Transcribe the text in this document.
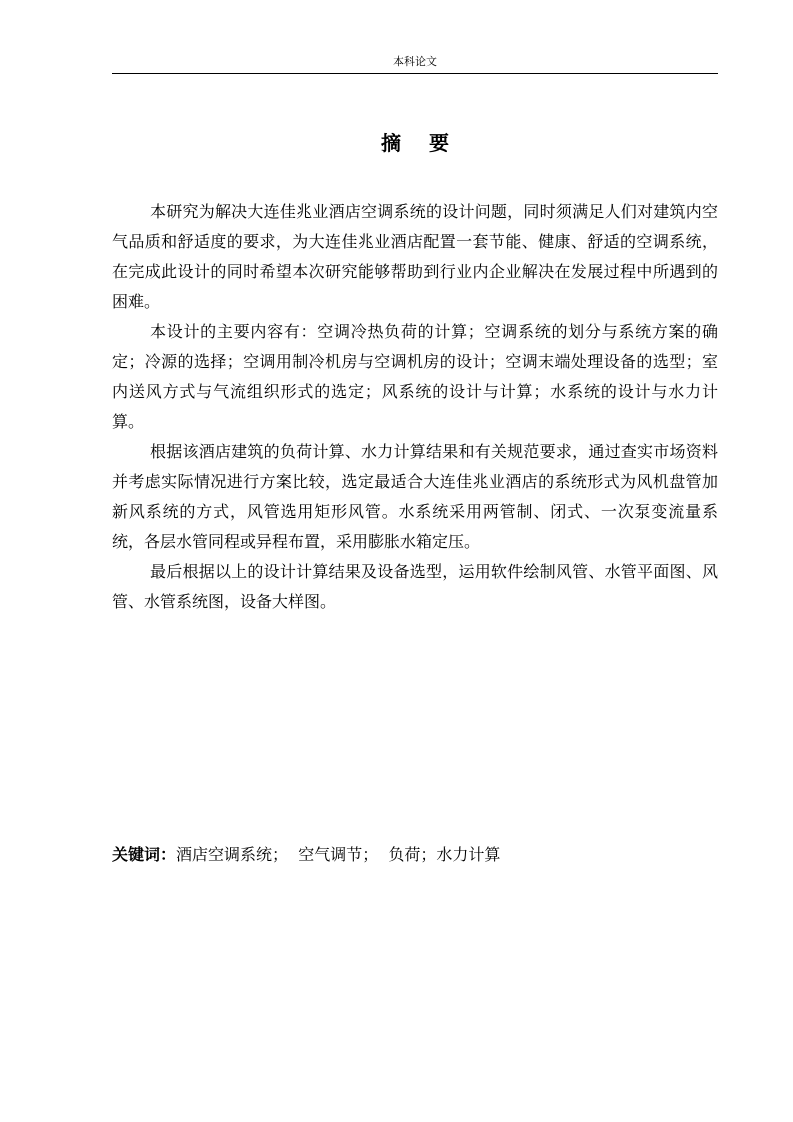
本科论文
摘要

本研究为解决大连佳兆业酒店空调系统的设计问题，同时须满足人们对建筑内空气品质和舒适度的要求，为大连佳兆业酒店配置一套节能、健康、舒适的空调系统，在完成此设计的同时希望本次研究能够帮助到行业内企业解决在发展过程中所遇到的困难。

本设计的主要内容有：空调冷热负荷的计算；空调系统的划分与系统方案的确定；冷源的选择；空调用制冷机房与空调机房的设计；空调末端处理设备的选型；室内送风方式与气流组织形式的选定；风系统的设计与计算；水系统的设计与水力计算。

根据该酒店建筑的负荷计算、水力计算结果和有关规范要求，通过查实市场资料并考虑实际情况进行方案比较，选定最适合大连佳兆业酒店的系统形式为风机盘管加新风系统的方式，风管选用矩形风管。水系统采用两管制、闭式、一次泵变流量系统，各层水管同程或异程布置，采用膨胀水箱定压。

最后根据以上的设计计算结果及设备选型，运用软件绘制风管、水管平面图、风管、水管系统图，设备大样图。

关键词：酒店空调系统；  空气调节；  负荷；水力计算
